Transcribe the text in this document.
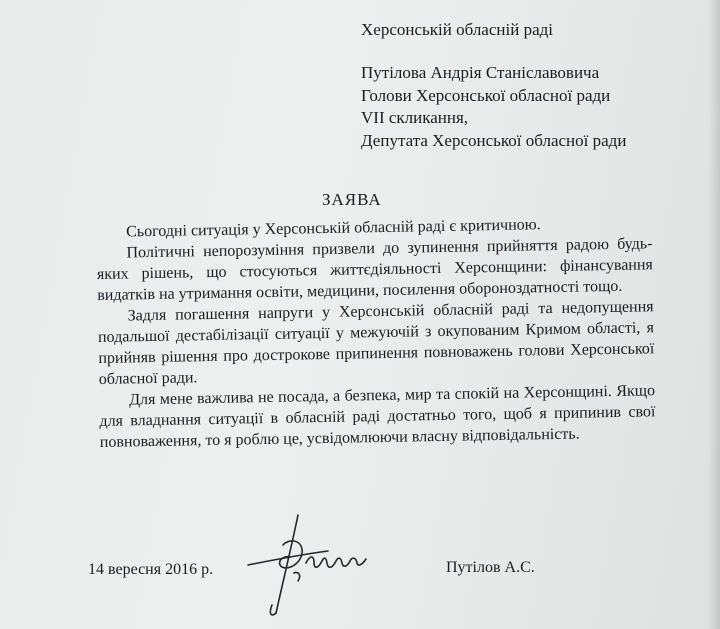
Херсонській обласній раді
Путілова Андрія Станіславовича
Голови Херсонської обласної ради
VII скликання,
Депутата Херсонської обласної ради
ЗАЯВА

Сьогодні ситуація у Херсонській обласній раді є критичною.

Політичні непорозуміння призвели до зупинення прийняття радою будь-яких рішень, що стосуються життєдіяльності Херсонщини: фінансування видатків на утримання освіти, медицини, посилення обороноздатності тощо.

Задля погашення напруги у Херсонській обласній раді та недопущення подальшої дестабілізації ситуації у межуючій з окупованим Кримом області, я прийняв рішення про дострокове припинення повноважень голови Херсонської обласної ради.

Для мене важлива не посада, а безпека, мир та спокій на Херсонщині. Якщо для владнання ситуації в обласній раді достатньо того, щоб я припинив свої повноваження, то я роблю це, усвідомлюючи власну відповідальність.

14 вересня 2016 р.	Путілов А.С.
